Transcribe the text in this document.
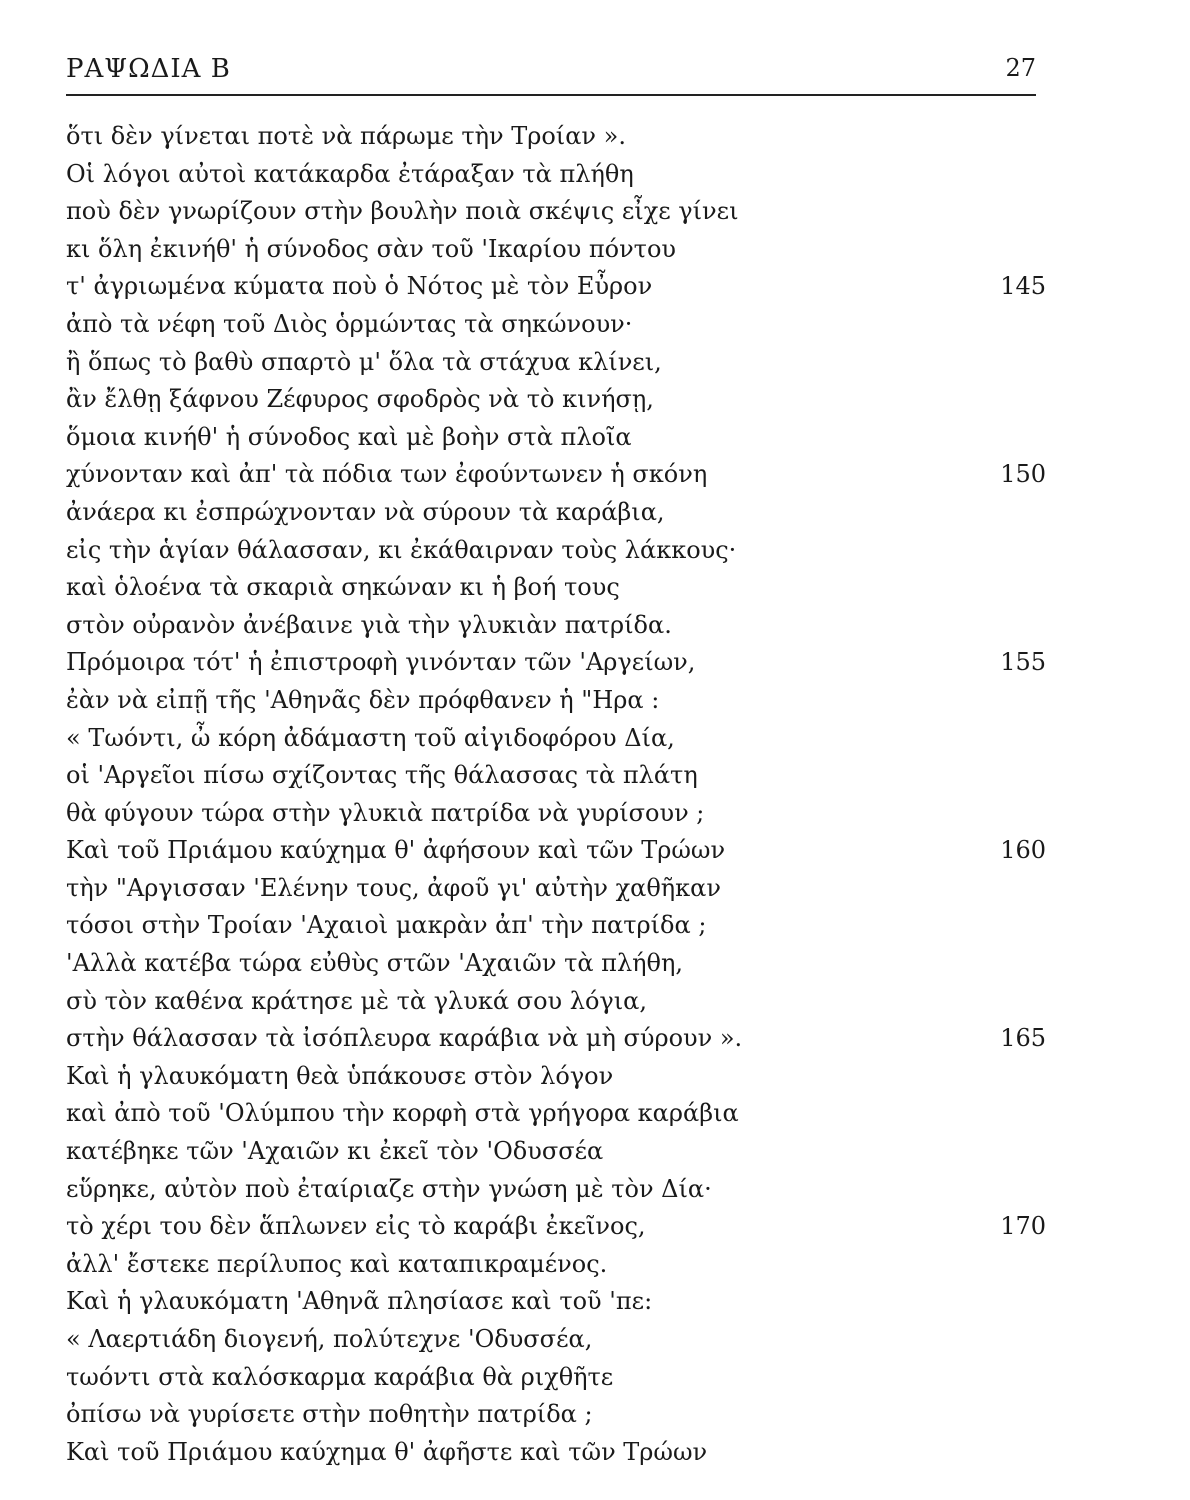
ΡΑΨΩΔΙΑ Β	27
ὅτι δὲν γίνεται ποτὲ νὰ πάρωμε τὴν Τροίαν ».
Οἱ λόγοι αὐτοὶ κατάκαρδα ἐτάραξαν τὰ πλήθη
ποὺ δὲν γνωρίζουν στὴν βουλὴν ποιὰ σκέψις εἶχε γίνει
κι ὅλη ἐκινήθ' ἡ σύνοδος σὰν τοῦ 'Ικαρίου πόντου
τ' ἀγριωμένα κύματα ποὺ ὁ Νότος μὲ τὸν Εὖρον	145
ἀπὸ τὰ νέφη τοῦ Διὸς ὁρμώντας τὰ σηκώνουν·
ἢ ὅπως τὸ βαθὺ σπαρτὸ μ' ὅλα τὰ στάχυα κλίνει,
ἂν ἔλθῃ ξάφνου Ζέφυρος σφοδρὸς νὰ τὸ κινήσῃ,
ὅμοια κινήθ' ἡ σύνοδος καὶ μὲ βοὴν στὰ πλοῖα
χύνονταν καὶ ἀπ' τὰ πόδια των ἐφούντωνεν ἡ σκόνη	150
ἀνάερα κι ἐσπρώχνονταν νὰ σύρουν τὰ καράβια,
εἰς τὴν ἁγίαν θάλασσαν, κι ἐκάθαιρναν τοὺς λάκκους·
καὶ ὁλοένα τὰ σκαριὰ σηκώναν κι ἡ βοή τους
στὸν οὐρανὸν ἀνέβαινε γιὰ τὴν γλυκιὰν πατρίδα.
Πρόμοιρα τότ' ἡ ἐπιστροφὴ γινόνταν τῶν 'Αργείων,	155
ἐὰν νὰ εἰπῇ τῆς 'Αθηνᾶς δὲν πρόφθανεν ἡ "Ηρα :
« Τωόντι, ὦ κόρη ἀδάμαστη τοῦ αἰγιδοφόρου Δία,
οἱ 'Αργεῖοι πίσω σχίζοντας τῆς θάλασσας τὰ πλάτη
θὰ φύγουν τώρα στὴν γλυκιὰ πατρίδα νὰ γυρίσουν ;
Καὶ τοῦ Πριάμου καύχημα θ' ἀφήσουν καὶ τῶν Τρώων	160
τὴν "Αργισσαν 'Ελένην τους, ἀφοῦ γι' αὐτὴν χαθῆκαν
τόσοι στὴν Τροίαν 'Αχαιοὶ μακρὰν ἀπ' τὴν πατρίδα ;
'Αλλὰ κατέβα τώρα εὐθὺς στῶν 'Αχαιῶν τὰ πλήθη,
σὺ τὸν καθένα κράτησε μὲ τὰ γλυκά σου λόγια,
στὴν θάλασσαν τὰ ἰσόπλευρα καράβια νὰ μὴ σύρουν ».	165
Καὶ ἡ γλαυκόματη θεὰ ὑπάκουσε στὸν λόγον
καὶ ἀπὸ τοῦ 'Ολύμπου τὴν κορφὴ στὰ γρήγορα καράβια
κατέβηκε τῶν 'Αχαιῶν κι ἐκεῖ τὸν 'Οδυσσέα
εὕρηκε, αὐτὸν ποὺ ἐταίριαζε στὴν γνώση μὲ τὸν Δία·
τὸ χέρι του δὲν ἅπλωνεν εἰς τὸ καράβι ἐκεῖνος,	170
ἀλλ' ἔστεκε περίλυπος καὶ καταπικραμένος.
Καὶ ἡ γλαυκόματη 'Αθηνᾶ πλησίασε καὶ τοῦ 'πε:
« Λαερτιάδη διογενή, πολύτεχνε 'Οδυσσέα,
τωόντι στὰ καλόσκαρμα καράβια θὰ ριχθῆτε
ὀπίσω νὰ γυρίσετε στὴν ποθητὴν πατρίδα ;
Καὶ τοῦ Πριάμου καύχημα θ' ἀφῆστε καὶ τῶν Τρώων
